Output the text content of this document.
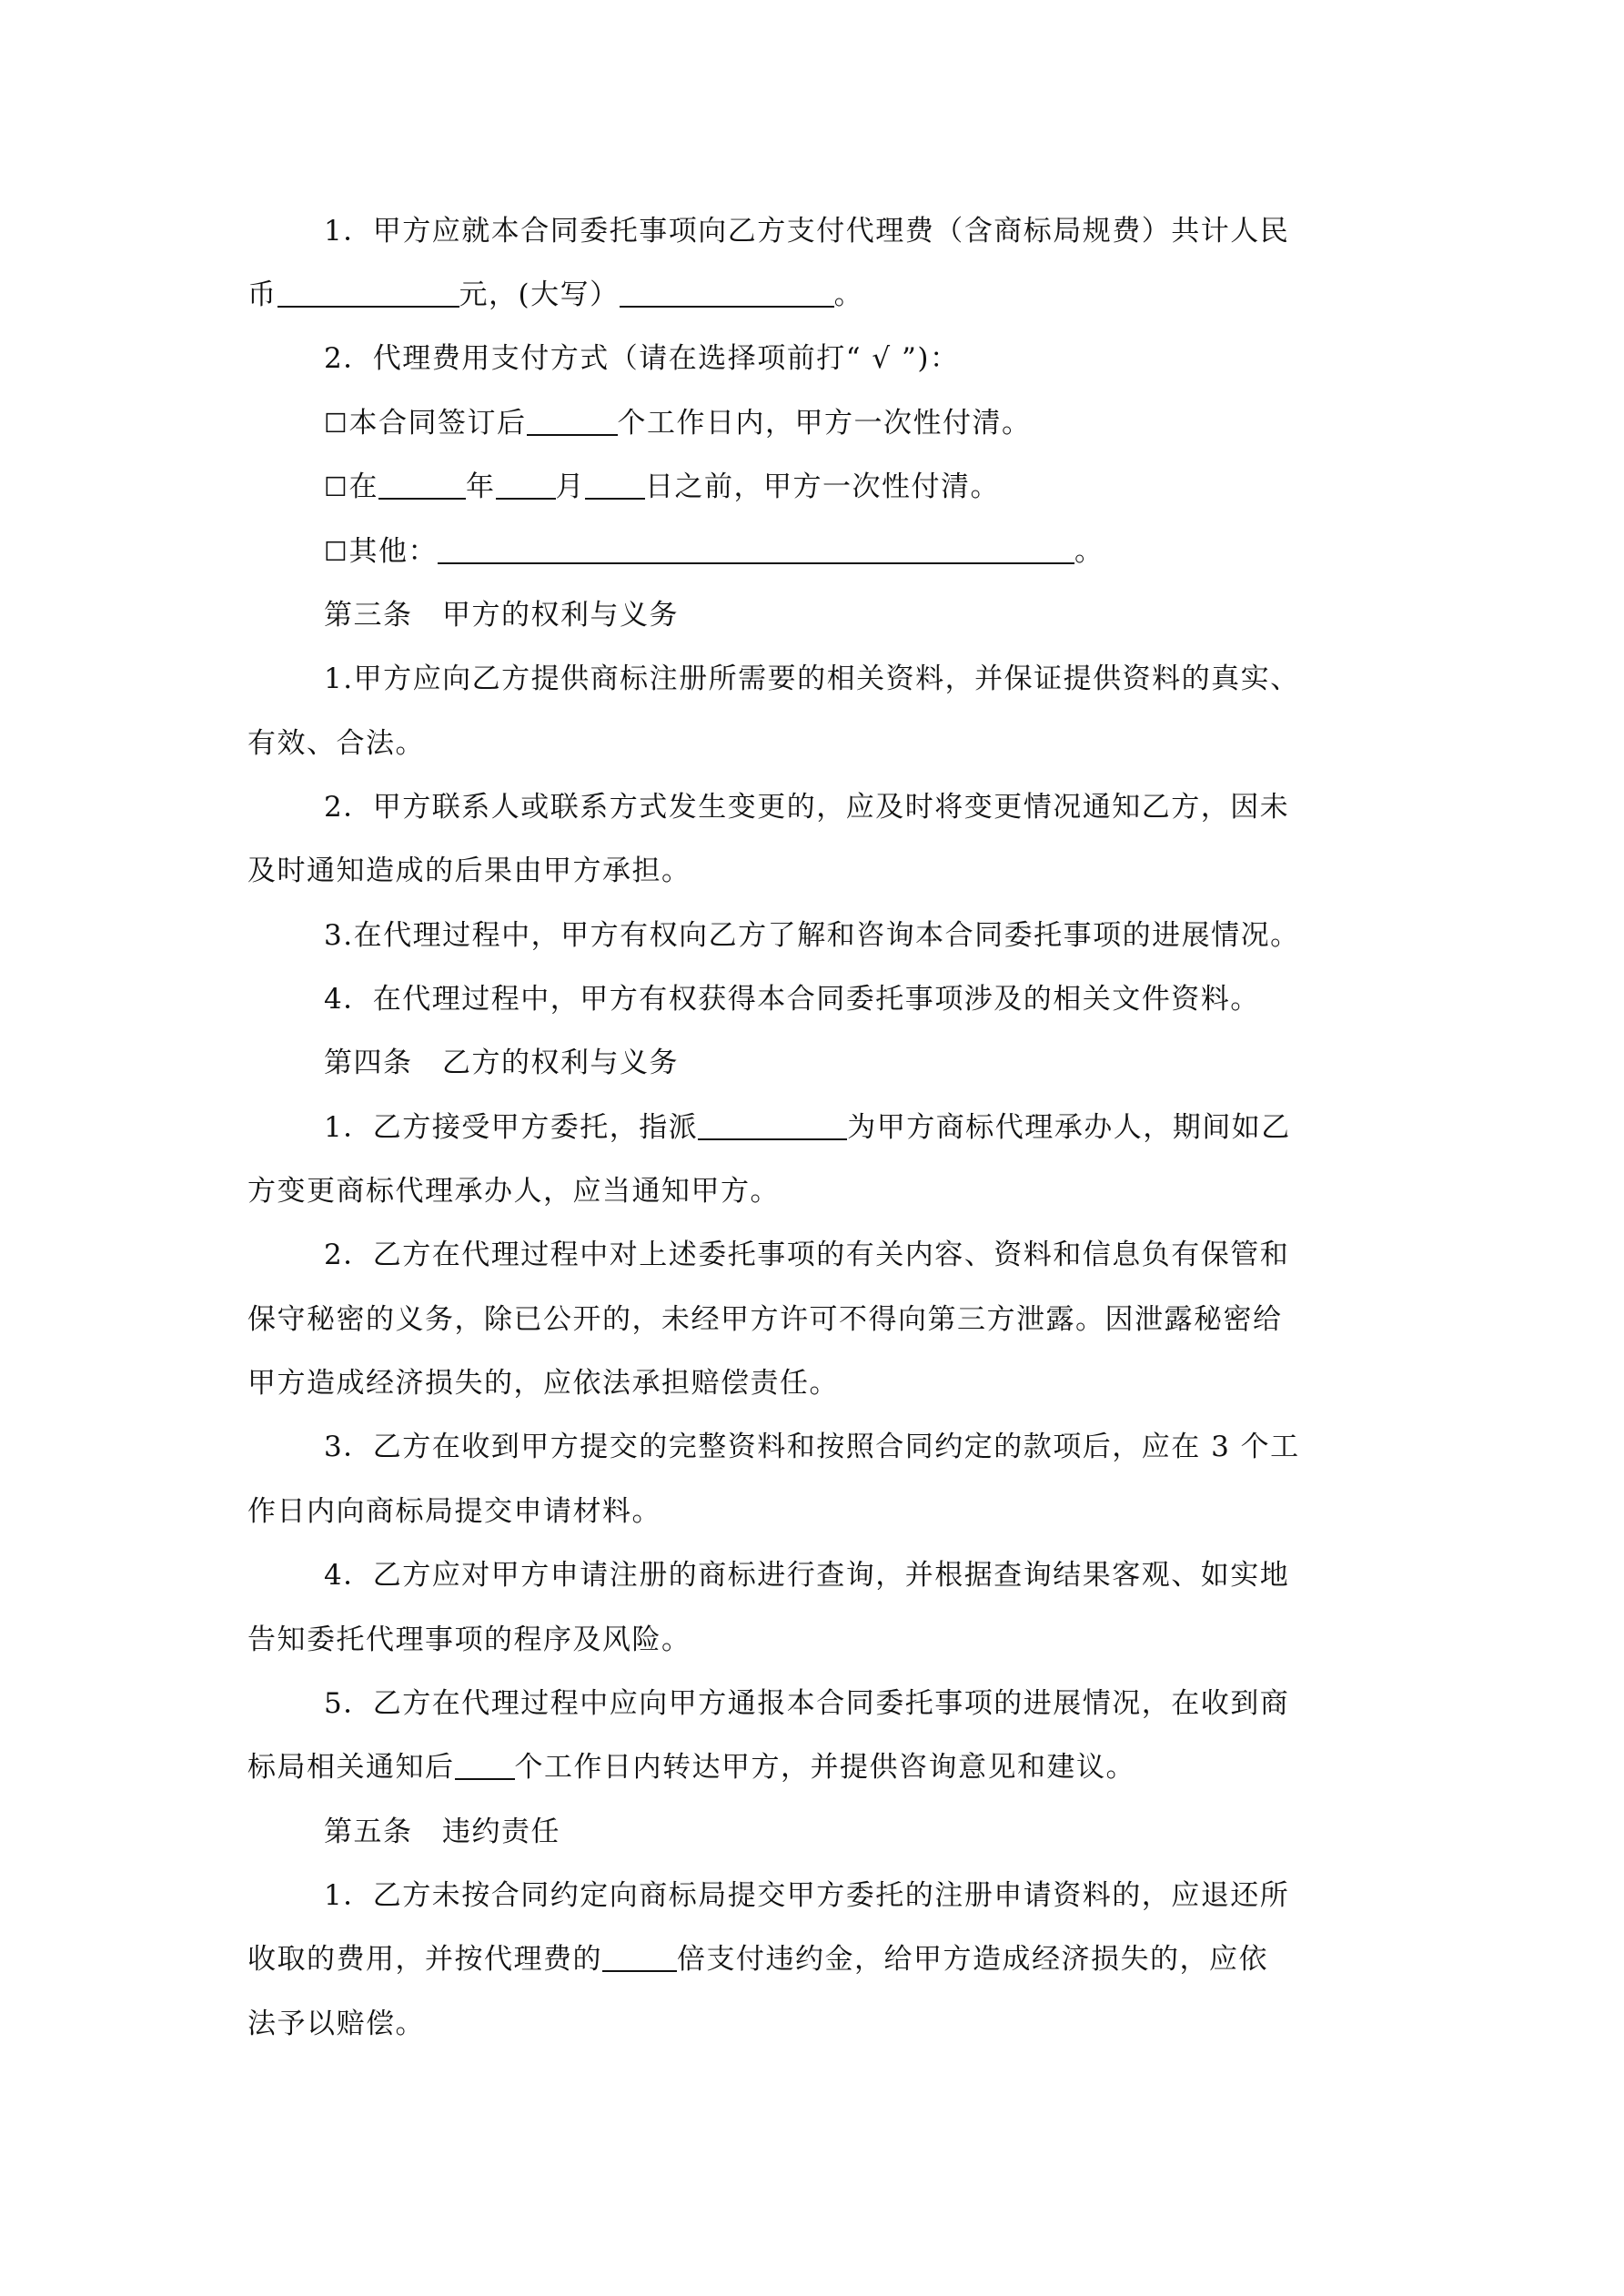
1．甲方应就本合同委托事项向乙方支付代理费（含商标局规费）共计人民
币	元，(大写）	。
2．代理费用支付方式（请在选择项前打“ √ ”)：
☐本合同签订后	个工作日内，甲方一次性付清。
☐在	年 月 日之前，甲方一次性付清。
☐其他：	。
第三条　甲方的权利与义务
1.甲方应向乙方提供商标注册所需要的相关资料，并保证提供资料的真实、
有效、合法。
2．甲方联系人或联系方式发生变更的，应及时将变更情况通知乙方，因未
及时通知造成的后果由甲方承担。
3.在代理过程中，甲方有权向乙方了解和咨询本合同委托事项的进展情况。
4．在代理过程中，甲方有权获得本合同委托事项涉及的相关文件资料。
第四条　乙方的权利与义务
1．乙方接受甲方委托，指派	为甲方商标代理承办人，期间如乙
方变更商标代理承办人，应当通知甲方。
2．乙方在代理过程中对上述委托事项的有关内容、资料和信息负有保管和
保守秘密的义务，除已公开的，未经甲方许可不得向第三方泄露。因泄露秘密给
甲方造成经济损失的，应依法承担赔偿责任。
3．乙方在收到甲方提交的完整资料和按照合同约定的款项后，应在 3 个工
作日内向商标局提交申请材料。
4．乙方应对甲方申请注册的商标进行查询，并根据查询结果客观、如实地
告知委托代理事项的程序及风险。
5．乙方在代理过程中应向甲方通报本合同委托事项的进展情况，在收到商
标局相关通知后 个工作日内转达甲方，并提供咨询意见和建议。
第五条　违约责任
1．乙方未按合同约定向商标局提交甲方委托的注册申请资料的，应退还所
收取的费用，并按代理费的	倍支付违约金，给甲方造成经济损失的，应依
法予以赔偿。
